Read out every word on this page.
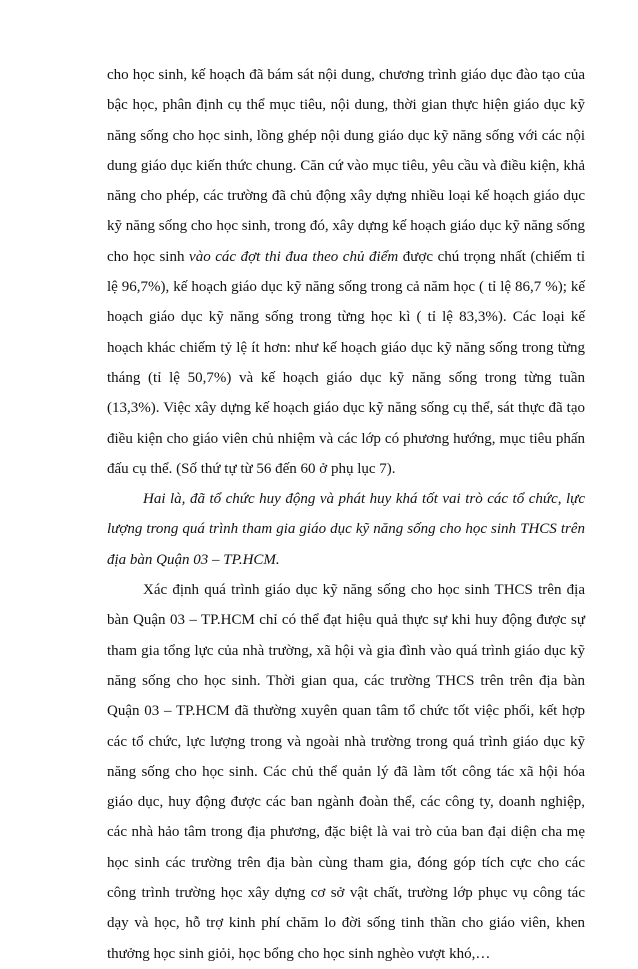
cho học sinh, kế hoạch đã bám sát nội dung, chương trình giáo dục đào tạo của bậc học, phân định cụ thể mục tiêu, nội dung, thời gian thực hiện giáo dục kỹ năng sống cho học sinh, lồng ghép nội dung giáo dục kỹ năng sống với các nội dung giáo dục kiến thức chung. Căn cứ vào mục tiêu, yêu cầu và điều kiện, khả năng cho phép, các trường đã chủ động xây dựng nhiều loại kế hoạch giáo dục kỹ năng sống cho học sinh, trong đó, xây dựng kế hoạch giáo dục kỹ năng sống cho học sinh vào các đợt thi đua theo chủ điểm được chú trọng nhất (chiếm tỉ lệ 96,7%), kế hoạch giáo dục kỹ năng sống trong cả năm học ( tỉ lệ 86,7 %); kế hoạch giáo dục kỹ năng sống trong từng học kì ( tỉ lệ 83,3%). Các loại kế hoạch khác chiếm tỷ lệ ít hơn: như kế hoạch giáo dục kỹ năng sống trong từng tháng (tỉ lệ 50,7%) và kế hoạch giáo dục kỹ năng sống trong từng tuần (13,3%). Việc xây dựng kế hoạch giáo dục kỹ năng sống cụ thể, sát thực đã tạo điều kiện cho giáo viên chủ nhiệm và các lớp có phương hướng, mục tiêu phấn đấu cụ thể. (Số thứ tự từ 56 đến 60 ở phụ lục 7).

Hai là, đã tổ chức huy động và phát huy khá tốt vai trò các tổ chức, lực lượng trong quá trình tham gia giáo dục kỹ năng sống cho học sinh THCS trên địa bàn Quận 03 – TP.HCM.

Xác định quá trình giáo dục kỹ năng sống cho học sinh THCS trên địa bàn Quận 03 – TP.HCM chỉ có thể đạt hiệu quả thực sự khi huy động được sự tham gia tổng lực của nhà trường, xã hội và gia đình vào quá trình giáo dục kỹ năng sống cho học sinh. Thời gian qua, các trường THCS trên trên địa bàn Quận 03 – TP.HCM đã thường xuyên quan tâm tổ chức tốt việc phối, kết hợp các tổ chức, lực lượng trong và ngoài nhà trường trong quá trình giáo dục kỹ năng sống cho học sinh. Các chủ thể quản lý đã làm tốt công tác xã hội hóa giáo dục, huy động được các ban ngành đoàn thể, các công ty, doanh nghiệp, các nhà hảo tâm trong địa phương, đặc biệt là vai trò của ban đại diện cha mẹ học sinh các trường trên địa bàn cùng tham gia, đóng góp tích cực cho các công trình trường học xây dựng cơ sở vật chất, trường lớp phục vụ công tác dạy và học, hỗ trợ kinh phí chăm lo đời sống tinh thần cho giáo viên, khen thưởng học sinh giỏi, học bổng cho học sinh nghèo vượt khó,…
